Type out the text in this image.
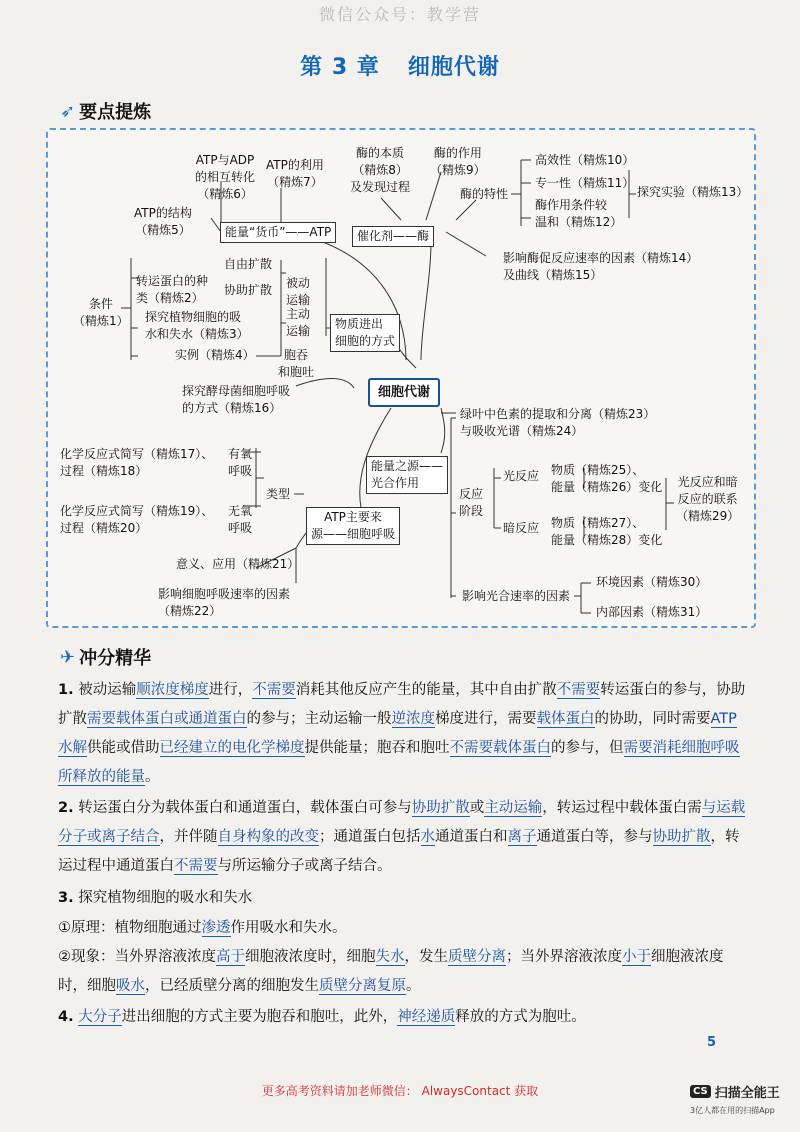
微信公众号：教学营
第 3 章 细胞代谢
➶ 要点提炼
ATP与ADP
的相互转化
（精炼6）
ATP的利用
（精炼7）
ATP的结构
（精炼5）	能量“货币”——ATP
酶的本质
（精炼8）
及发现过程
酶的作用
（精炼9）
酶的特性
高效性（精炼10）
专一性（精炼11）
酶作用条件较
温和（精炼12）
探究实验（精炼13）
催化剂——酶
影响酶促反应速率的因素（精炼14）
及曲线（精炼15）
条件
（精炼1）
自由扩散
转运蛋白的种
类（精炼2）
协助扩散 被动
运输
主动
运输
探究植物细胞的吸
水和失水（精炼3）
实例（精炼4）	胞吞
和胞吐
物质进出
细胞的方式
细胞代谢
探究酵母菌细胞呼吸
的方式（精炼16）
化学反应式简写（精炼17）、
过程（精炼18）
有氧
呼吸
化学反应式简写（精炼19）、
过程（精炼20）
无氧
呼吸
类型
ATP主要来
源——细胞呼吸
意义、应用（精炼21）
影响细胞呼吸速率的因素
（精炼22）
绿叶中色素的提取和分离（精炼23）
与吸收光谱（精炼24）
能量之源——
光合作用
反应
阶段
光反应
暗反应
物质（精炼25）、
能量（精炼26）变化
物质（精炼27）、
能量（精炼28）变化
光反应和暗
反应的联系
（精炼29）
影响光合速率的因素
环境因素（精炼30）
内部因素（精炼31）
✈ 冲分精华
1. 被动运输顺浓度梯度进行，不需要消耗其他反应产生的能量，其中自由扩散不需要转运蛋白的参与，协助扩散需要载体蛋白或通道蛋白的参与；主动运输一般逆浓度梯度进行，需要载体蛋白的协助，同时需要ATP 水解供能或借助已经建立的电化学梯度提供能量；胞吞和胞吐不需要载体蛋白的参与，但需要消耗细胞呼吸所释放的能量。
2. 转运蛋白分为载体蛋白和通道蛋白，载体蛋白可参与协助扩散或主动运输，转运过程中载体蛋白需与运载分子或离子结合，并伴随自身构象的改变；通道蛋白包括水通道蛋白和离子通道蛋白等，参与协助扩散，转运过程中通道蛋白不需要与所运输分子或离子结合。
3. 探究植物细胞的吸水和失水
①原理：植物细胞通过渗透作用吸水和失水。
②现象：当外界溶液浓度高于细胞液浓度时，细胞失水，发生质壁分离；当外界溶液浓度小于细胞液浓度时，细胞吸水，已经质壁分离的细胞发生质壁分离复原。
4. 大分子进出细胞的方式主要为胞吞和胞吐，此外，神经递质释放的方式为胞吐。
5
更多高考资料请加老师微信： AlwaysContact 获取	CS 扫描全能王
3亿人都在用的扫描App
